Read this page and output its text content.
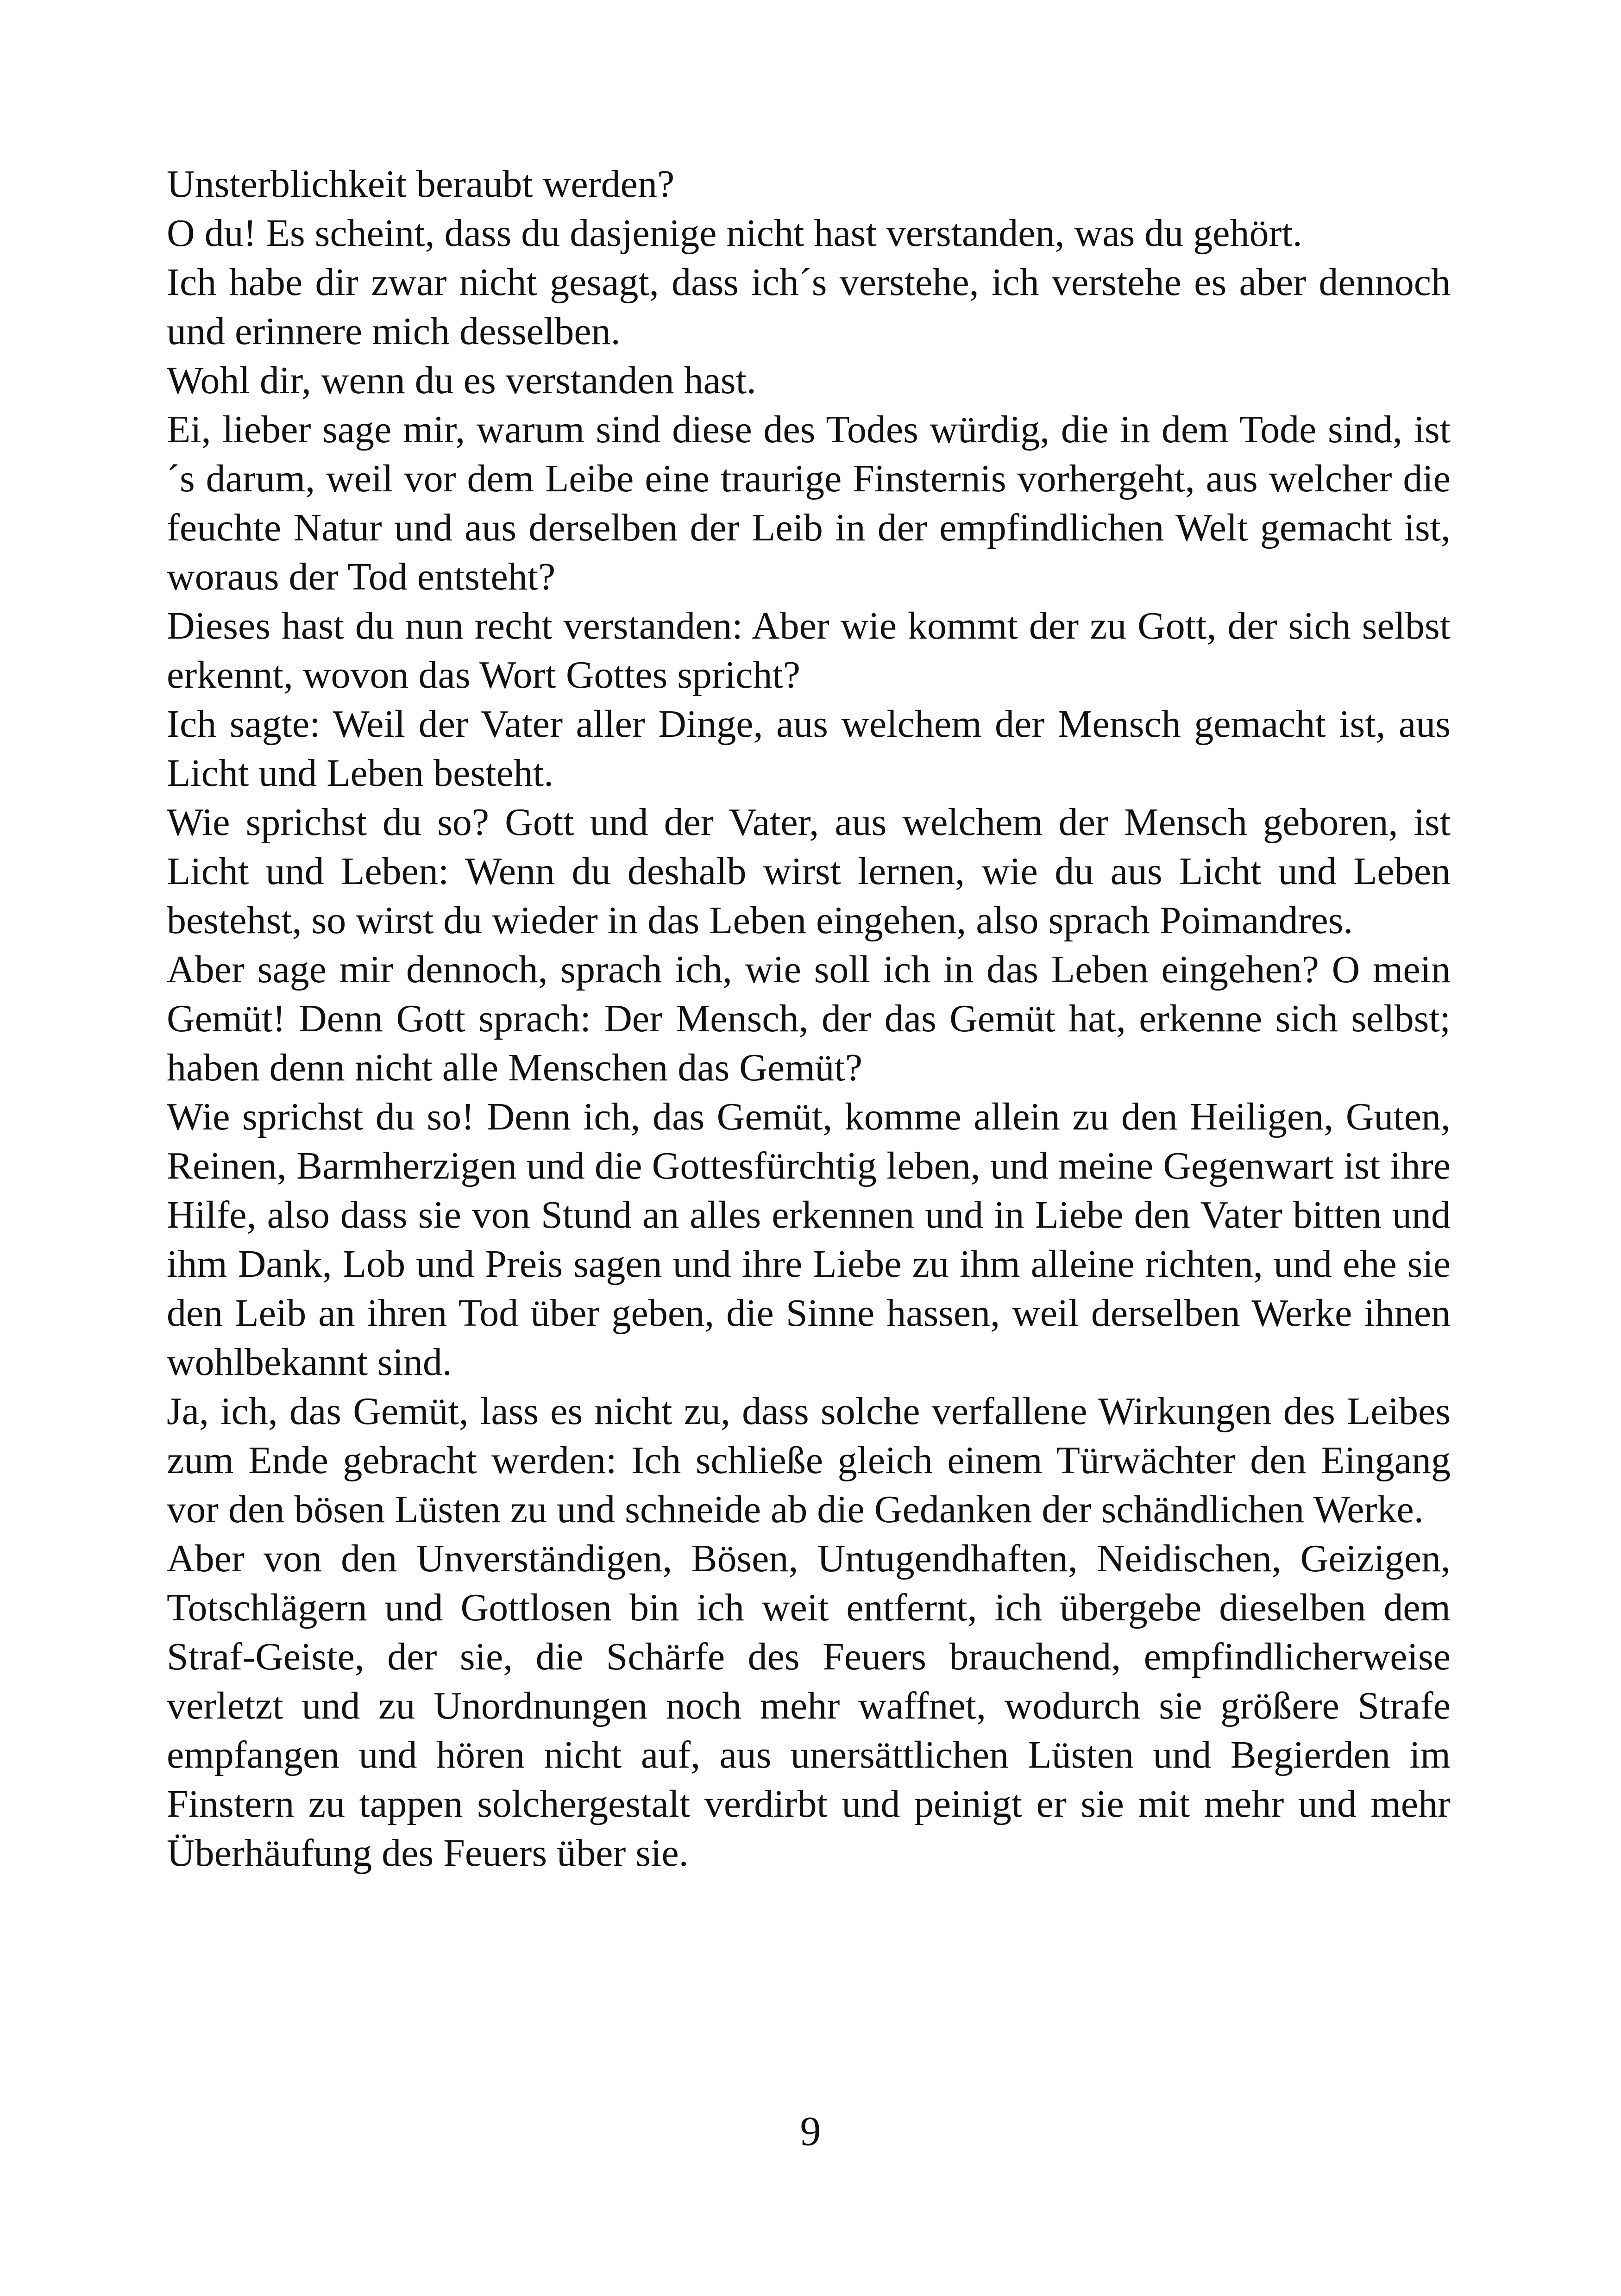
Unsterblichkeit beraubt werden?

O du! Es scheint, dass du dasjenige nicht hast verstanden, was du gehört.

Ich habe dir zwar nicht gesagt, dass ich´s verstehe, ich verstehe es aber dennoch und erinnere mich desselben.

Wohl dir, wenn du es verstanden hast.

Ei, lieber sage mir, warum sind diese des Todes würdig, die in dem Tode sind, ist´s darum, weil vor dem Leibe eine traurige Finsternis vorhergeht, aus welcher die feuchte Natur und aus derselben der Leib in der empfindlichen Welt gemacht ist, woraus der Tod entsteht?

Dieses hast du nun recht verstanden: Aber wie kommt der zu Gott, der sich selbst erkennt, wovon das Wort Gottes spricht?

Ich sagte: Weil der Vater aller Dinge, aus welchem der Mensch gemacht ist, aus Licht und Leben besteht.

Wie sprichst du so? Gott und der Vater, aus welchem der Mensch geboren, ist Licht und Leben: Wenn du deshalb wirst lernen, wie du aus Licht und Leben bestehst, so wirst du wieder in das Leben eingehen, also sprach Poimandres.

Aber sage mir dennoch, sprach ich, wie soll ich in das Leben eingehen? O mein Gemüt! Denn Gott sprach: Der Mensch, der das Gemüt hat, erkenne sich selbst; haben denn nicht alle Menschen das Gemüt?

Wie sprichst du so! Denn ich, das Gemüt, komme allein zu den Heiligen, Guten, Reinen, Barmherzigen und die Gottesfürchtig leben, und meine Gegenwart ist ihre Hilfe, also dass sie von Stund an alles erkennen und in Liebe den Vater bitten und ihm Dank, Lob und Preis sagen und ihre Liebe zu ihm alleine richten, und ehe sie den Leib an ihren Tod über geben, die Sinne hassen, weil derselben Werke ihnen wohlbekannt sind.

Ja, ich, das Gemüt, lass es nicht zu, dass solche verfallene Wirkungen des Leibes zum Ende gebracht werden: Ich schließe gleich einem Türwächter den Eingang vor den bösen Lüsten zu und schneide ab die Gedanken der schändlichen Werke.

Aber von den Unverständigen, Bösen, Untugendhaften, Neidischen, Geizigen, Totschlägern und Gottlosen bin ich weit entfernt, ich übergebe dieselben dem Straf-Geiste, der sie, die Schärfe des Feuers brauchend, empfindlicherweise verletzt und zu Unordnungen noch mehr waffnet, wodurch sie größere Strafe empfangen und hören nicht auf, aus unersättlichen Lüsten und Begierden im Finstern zu tappen solchergestalt verdirbt und peinigt er sie mit mehr und mehr Überhäufung des Feuers über sie.

9
